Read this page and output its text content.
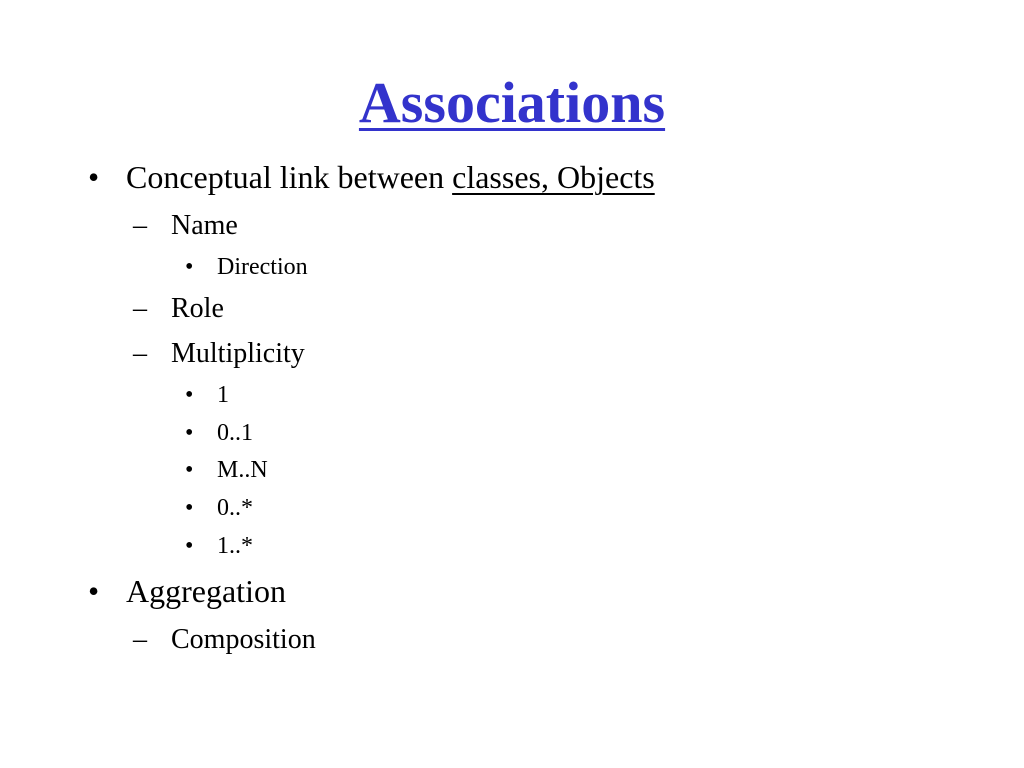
Associations
• Conceptual link between classes, Objects
– Name
• Direction
– Role
– Multiplicity
• 1
• 0..1
• M..N
• 0..*
• 1..*
• Aggregation
– Composition
